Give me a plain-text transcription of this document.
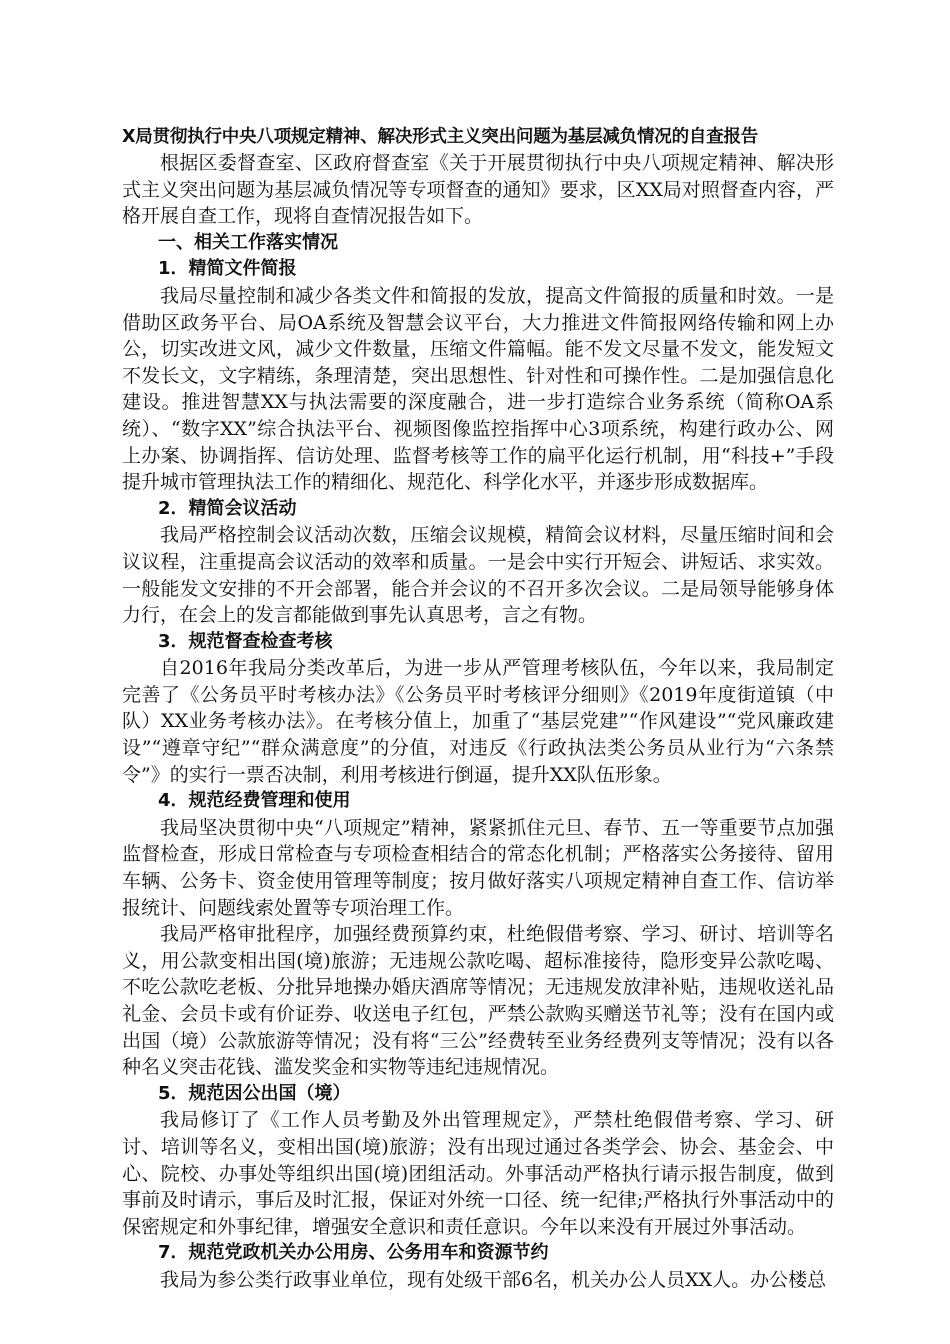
X局贯彻执行中央八项规定精神、解决形式主义突出问题为基层减负情况的自查报告

根据区委督查室、区政府督查室《关于开展贯彻执行中央八项规定精神、解决形式主义突出问题为基层减负情况等专项督查的通知》要求，区XX局对照督查内容，严格开展自查工作，现将自查情况报告如下。

一、相关工作落实情况

1．精简文件简报

我局尽量控制和减少各类文件和简报的发放，提高文件简报的质量和时效。一是借助区政务平台、局OA系统及智慧会议平台，大力推进文件简报网络传输和网上办公，切实改进文风，减少文件数量，压缩文件篇幅。能不发文尽量不发文，能发短文不发长文，文字精练，条理清楚，突出思想性、针对性和可操作性。二是加强信息化建设。推进智慧XX与执法需要的深度融合，进一步打造综合业务系统（简称OA系统）、“数字XX”综合执法平台、视频图像监控指挥中心3项系统，构建行政办公、网上办案、协调指挥、信访处理、监督考核等工作的扁平化运行机制，用“科技+”手段提升城市管理执法工作的精细化、规范化、科学化水平，并逐步形成数据库。

2．精简会议活动

我局严格控制会议活动次数，压缩会议规模，精简会议材料，尽量压缩时间和会议议程，注重提高会议活动的效率和质量。一是会中实行开短会、讲短话、求实效。一般能发文安排的不开会部署，能合并会议的不召开多次会议。二是局领导能够身体力行，在会上的发言都能做到事先认真思考，言之有物。

3．规范督查检查考核

自2016年我局分类改革后，为进一步从严管理考核队伍，今年以来，我局制定完善了《公务员平时考核办法》《公务员平时考核评分细则》《2019年度街道镇（中队）XX业务考核办法》。在考核分值上，加重了“基层党建”“作风建设”“党风廉政建设”“遵章守纪”“群众满意度”的分值，对违反《行政执法类公务员从业行为“六条禁令”》的实行一票否决制，利用考核进行倒逼，提升XX队伍形象。

4．规范经费管理和使用

我局坚决贯彻中央“八项规定”精神，紧紧抓住元旦、春节、五一等重要节点加强监督检查，形成日常检查与专项检查相结合的常态化机制；严格落实公务接待、留用车辆、公务卡、资金使用管理等制度；按月做好落实八项规定精神自查工作、信访举报统计、问题线索处置等专项治理工作。

我局严格审批程序，加强经费预算约束，杜绝假借考察、学习、研讨、培训等名义，用公款变相出国(境)旅游；无违规公款吃喝、超标准接待，隐形变异公款吃喝、不吃公款吃老板、分批异地操办婚庆酒席等情况；无违规发放津补贴，违规收送礼品礼金、会员卡或有价证券、收送电子红包，严禁公款购买赠送节礼等；没有在国内或出国（境）公款旅游等情况；没有将“三公”经费转至业务经费列支等情况；没有以各种名义突击花钱、滥发奖金和实物等违纪违规情况。

5．规范因公出国（境）

我局修订了《工作人员考勤及外出管理规定》，严禁杜绝假借考察、学习、研讨、培训等名义，变相出国(境)旅游；没有出现过通过各类学会、协会、基金会、中心、院校、办事处等组织出国(境)团组活动。外事活动严格执行请示报告制度，做到事前及时请示，事后及时汇报，保证对外统一口径、统一纪律;严格执行外事活动中的保密规定和外事纪律，增强安全意识和责任意识。今年以来没有开展过外事活动。

7．规范党政机关办公用房、公务用车和资源节约

我局为参公类行政事业单位，现有处级干部6名，机关办公人员XX人。办公楼总
